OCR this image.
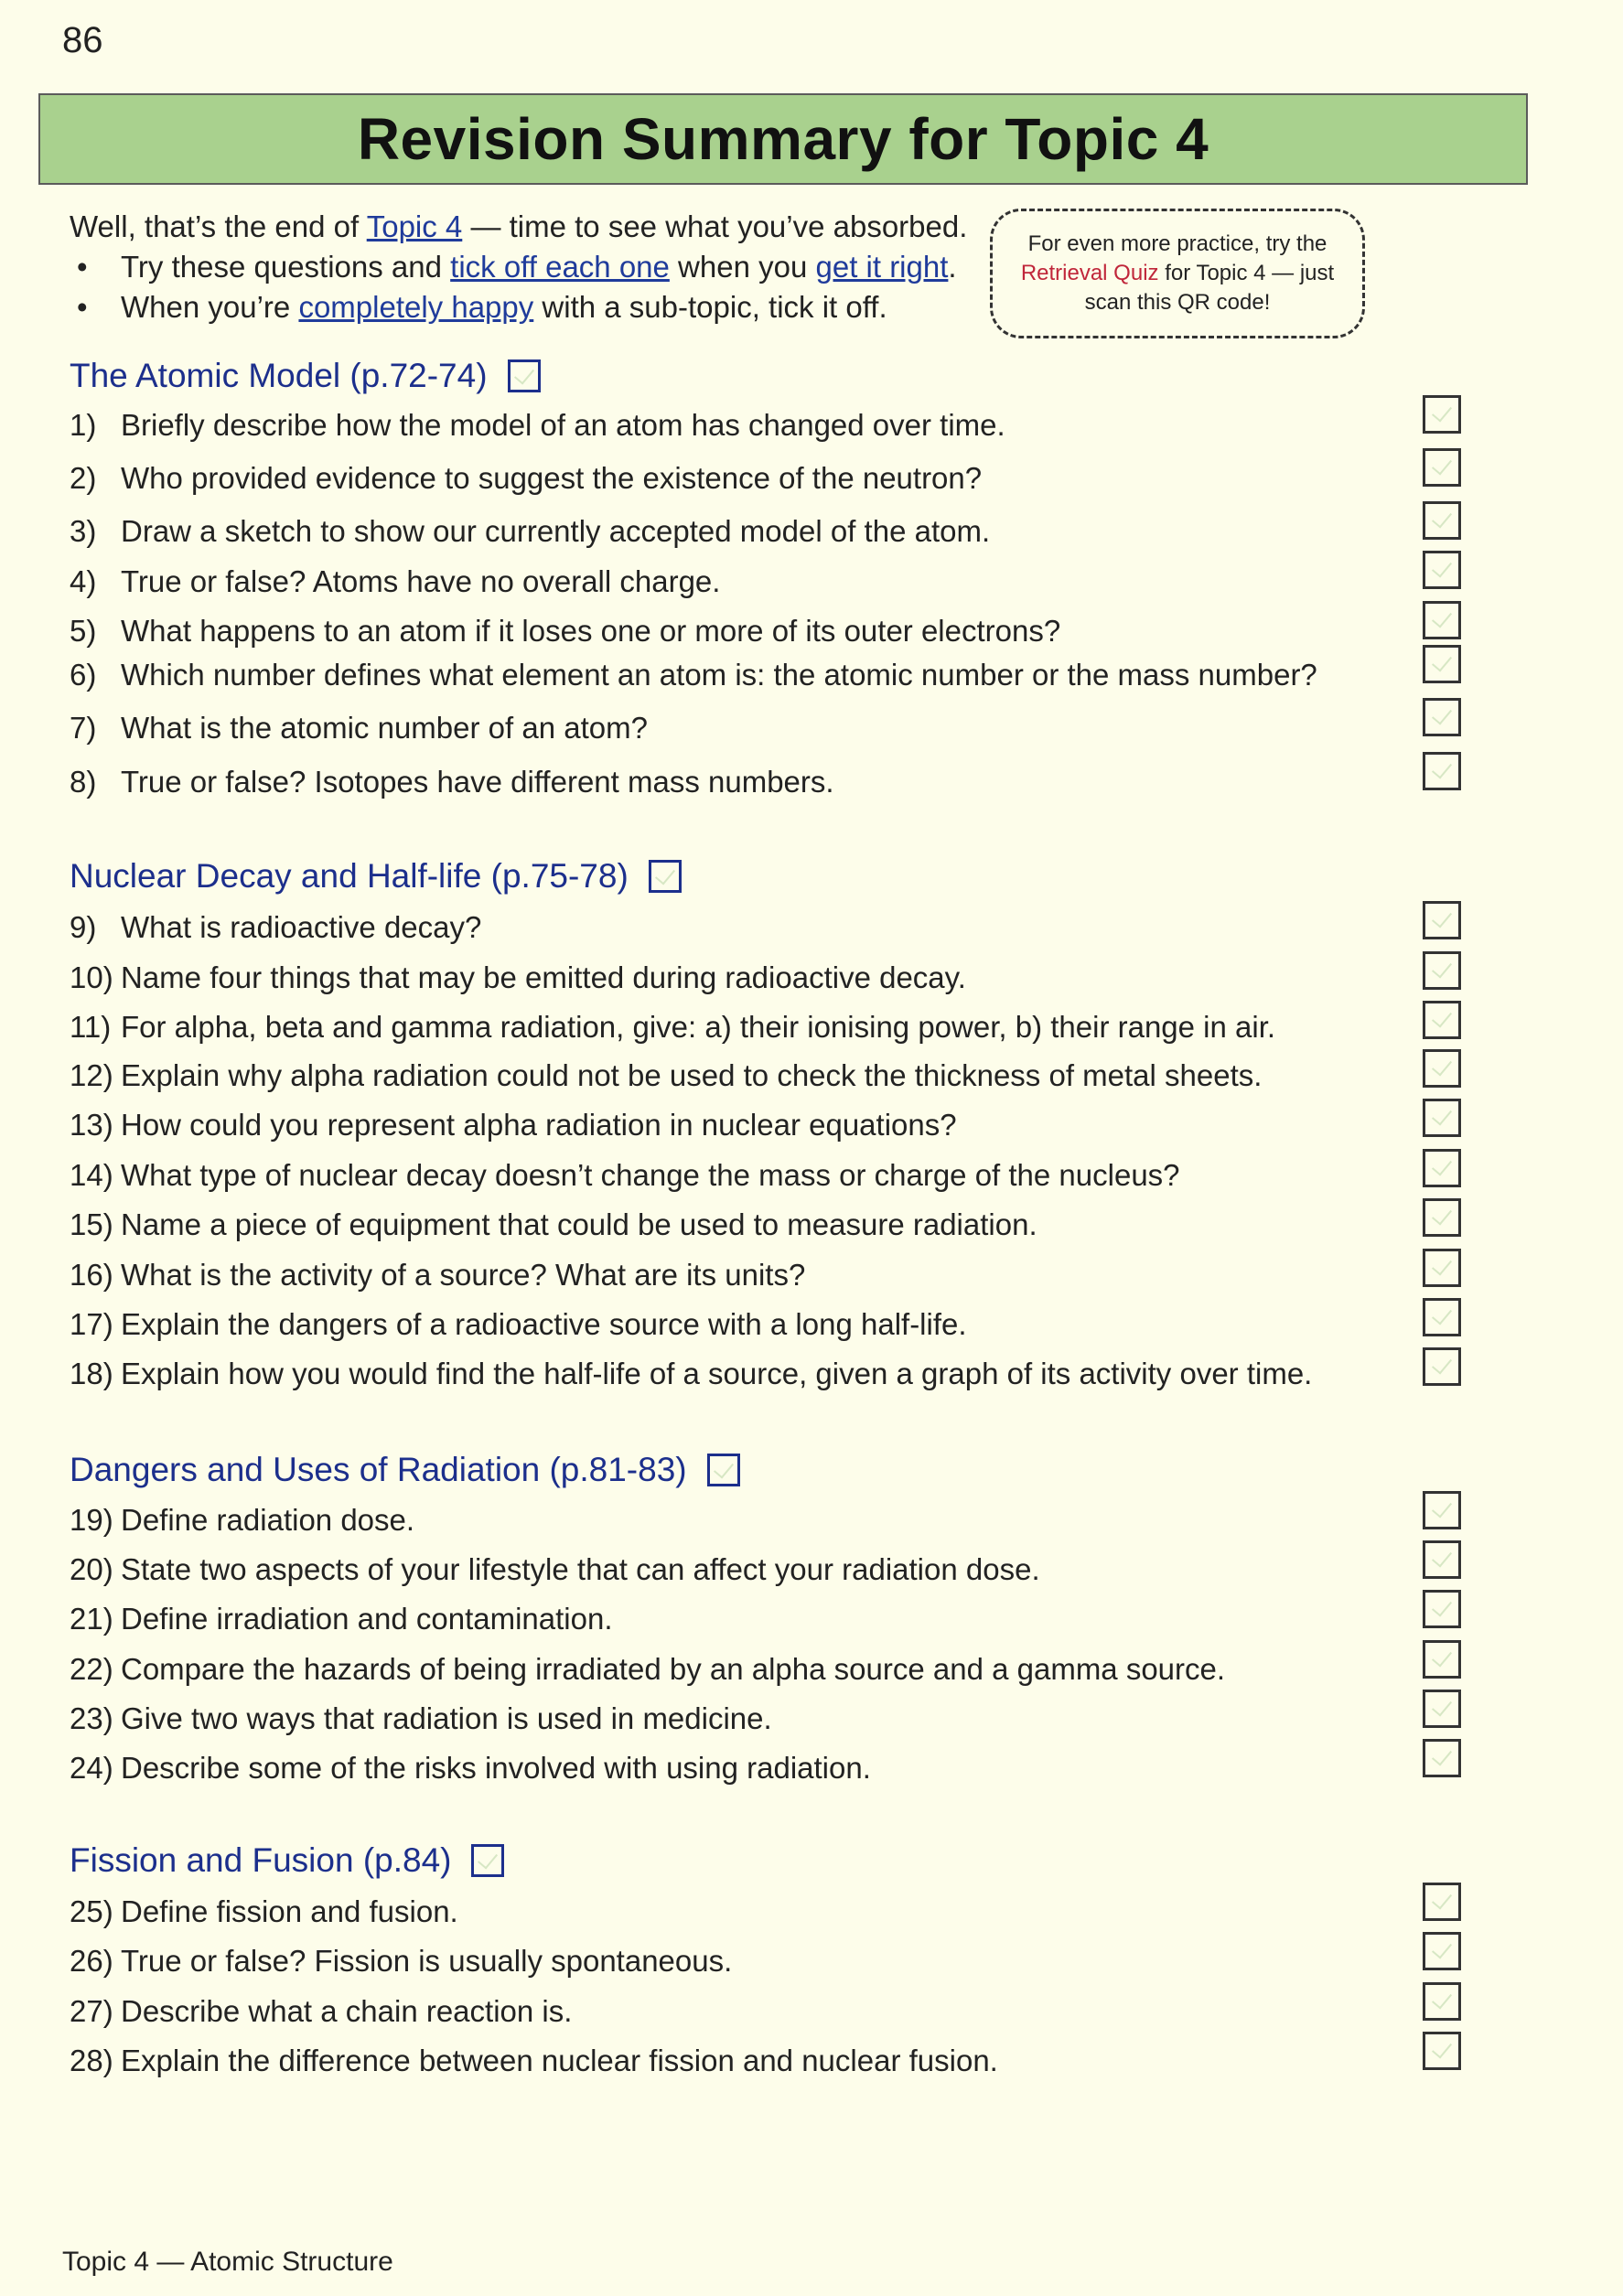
86
Revision Summary for Topic 4
Well, that’s the end of Topic 4 — time to see what you’ve absorbed.
• Try these questions and tick off each one when you get it right.
• When you’re completely happy with a sub-topic, tick it off.
For even more practice, try the
Retrieval Quiz for Topic 4 — just
scan this QR code!
The Atomic Model (p.72-74)
Nuclear Decay and Half-life (p.75-78)
Dangers and Uses of Radiation (p.81-83)
Fission and Fusion (p.84)
1) Briefly describe how the model of an atom has changed over time.
2) Who provided evidence to suggest the existence of the neutron?
3) Draw a sketch to show our currently accepted model of the atom.
4) True or false? Atoms have no overall charge.
5) What happens to an atom if it loses one or more of its outer electrons?
6) Which number defines what element an atom is: the atomic number or the mass number?
7) What is the atomic number of an atom?
8) True or false? Isotopes have different mass numbers.
9) What is radioactive decay?
10) Name four things that may be emitted during radioactive decay.
11) For alpha, beta and gamma radiation, give: a) their ionising power, b) their range in air.
12) Explain why alpha radiation could not be used to check the thickness of metal sheets.
13) How could you represent alpha radiation in nuclear equations?
14) What type of nuclear decay doesn’t change the mass or charge of the nucleus?
15) Name a piece of equipment that could be used to measure radiation.
16) What is the activity of a source? What are its units?
17) Explain the dangers of a radioactive source with a long half-life.
18) Explain how you would find the half-life of a source, given a graph of its activity over time.
19) Define radiation dose.
20) State two aspects of your lifestyle that can affect your radiation dose.
21) Define irradiation and contamination.
22) Compare the hazards of being irradiated by an alpha source and a gamma source.
23) Give two ways that radiation is used in medicine.
24) Describe some of the risks involved with using radiation.
25) Define fission and fusion.
26) True or false? Fission is usually spontaneous.
27) Describe what a chain reaction is.
28) Explain the difference between nuclear fission and nuclear fusion.
Topic 4 — Atomic Structure
